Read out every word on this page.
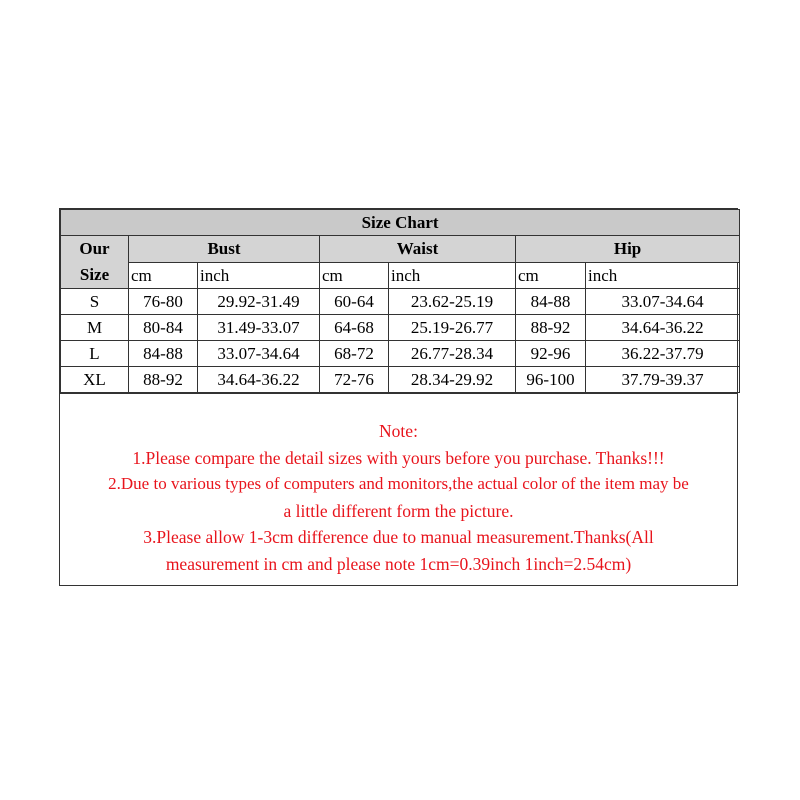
Size Chart						
Our
Size	Bust		Waist		Hip	
	cm	inch	cm	inch	cm	inch
S	76-80	29.92-31.49	60-64	23.62-25.19	84-88	33.07-34.64
M	80-84	31.49-33.07	64-68	25.19-26.77	88-92	34.64-36.22
L	84-88	33.07-34.64	68-72	26.77-28.34	92-96	36.22-37.79
XL	88-92	34.64-36.22	72-76	28.34-29.92	96-100	37.79-39.37
Note:
1.Please compare the detail sizes with yours before you purchase. Thanks!!!
2.Due to various types of computers and monitors,the actual color of the item may be
a little different form the picture.
3.Please allow 1-3cm difference due to manual measurement.Thanks(All
measurement in cm and please note 1cm=0.39inch 1inch=2.54cm)
